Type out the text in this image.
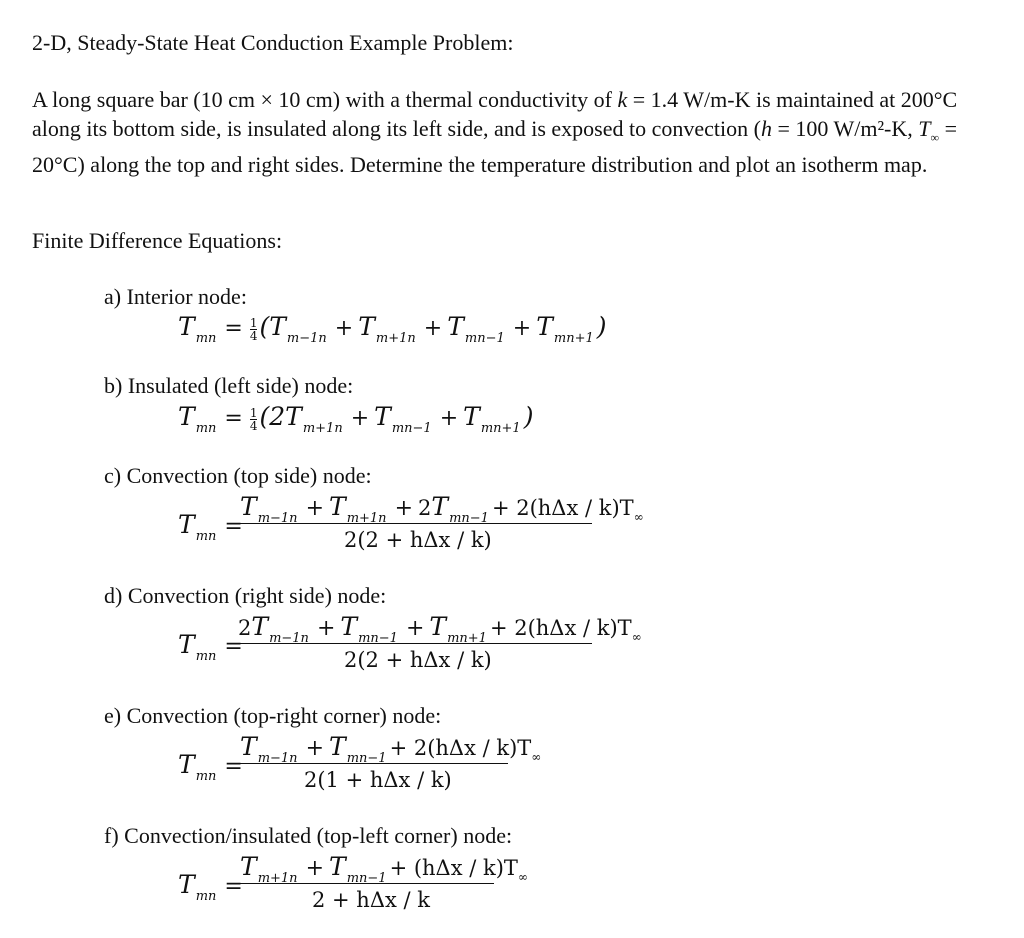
2-D, Steady-State Heat Conduction Example Problem:
A long square bar (10 cm × 10 cm) with a thermal conductivity of k = 1.4 W/m-K is maintained at 200°C along its bottom side, is insulated along its left side, and is exposed to convection (h = 100 W/m²-K, $T_\infty = 20^\circ C$) along the top and right sides. Determine the temperature distribution and plot an isotherm map.
Finite Difference Equations:
a) Interior node:
$T_{mn} = \frac{1}{4} (T_{m-1n} + T_{m+1n} + T_{mn-1} + T_{mn+1}$ )
b) Insulated (left side) node:
$T_{mn} = \frac{1}{4} (2T_{m+1n} + T_{mn-1} + T_{mn+1}$ )
c) Convection (top side) node:
$T_{mn}$ =
$T_{m-1n} + T_{m+1n} + 2T_{mn-1} + 2(h\Delta x / k)T_\infty$
2(2 + hΔx / k)
d) Convection (right side) node:
$T_{mn}$ =
$2T_{m-1n} + T_{mn-1} + T_{mn+1} + 2(h\Delta x / k)T_\infty$
2(2 + hΔx / k)
e) Convection (top-right corner) node:
$T_{mn}$ =
$T_{m-1n} + T_{mn-1} + 2(h\Delta x / k)T_\infty$
2(1 + hΔx / k)
f) Convection/insulated (top-left corner) node:
$T_{mn}$ =
$T_{m+1n} + T_{mn-1} + (h\Delta x / k)T_\infty$
2 + hΔx / k
